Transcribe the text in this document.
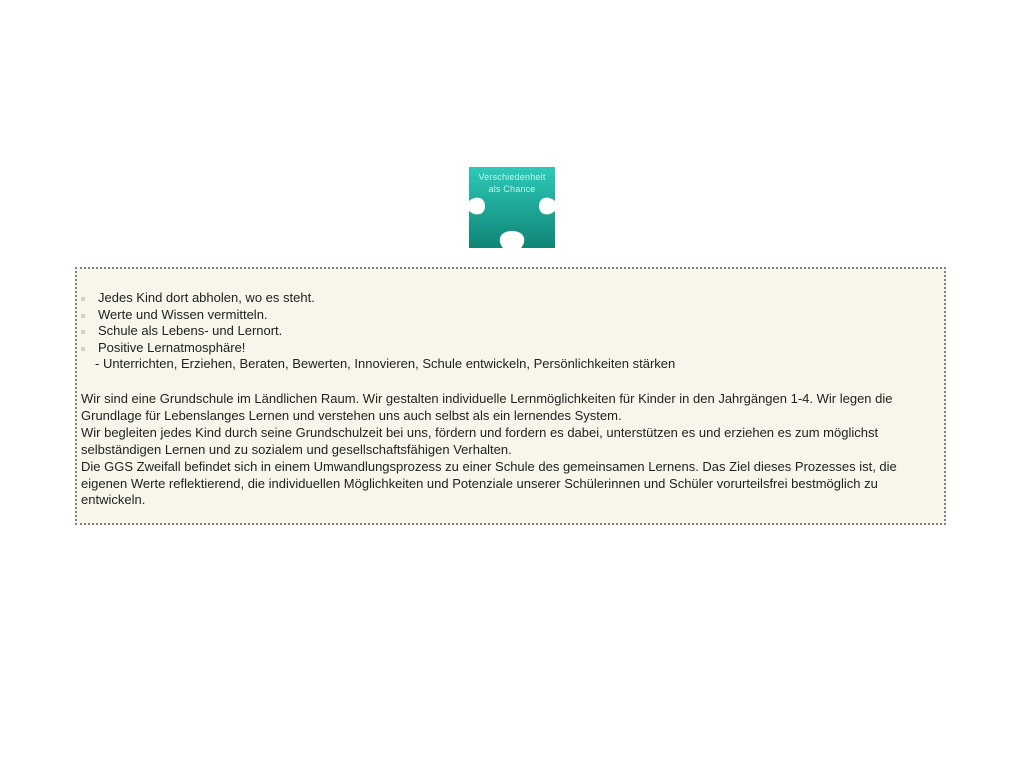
Verschiedenheit
als Chance
Jedes Kind dort abholen, wo es steht.
Werte und Wissen vermitteln.
Schule als Lebens- und Lernort.
Positive Lernatmosphäre!
- Unterrichten, Erziehen, Beraten, Bewerten, Innovieren, Schule entwickeln, Persönlichkeiten stärken

Wir sind eine Grundschule im Ländlichen Raum. Wir gestalten individuelle Lernmöglichkeiten für Kinder in den Jahrgängen 1-4. Wir legen die Grundlage für Lebenslanges Lernen und verstehen uns auch selbst als ein lernendes System.

Wir begleiten jedes Kind durch seine Grundschulzeit bei uns, fördern und fordern es dabei, unterstützen es und erziehen es zum möglichst selbständigen Lernen und zu sozialem und gesellschaftsfähigen Verhalten.

Die GGS Zweifall befindet sich in einem Umwandlungsprozess zu einer Schule des gemeinsamen Lernens. Das Ziel dieses Prozesses ist, die eigenen Werte reflektierend, die individuellen Möglichkeiten und Potenziale unserer Schülerinnen und Schüler vorurteilsfrei bestmöglich zu entwickeln.
